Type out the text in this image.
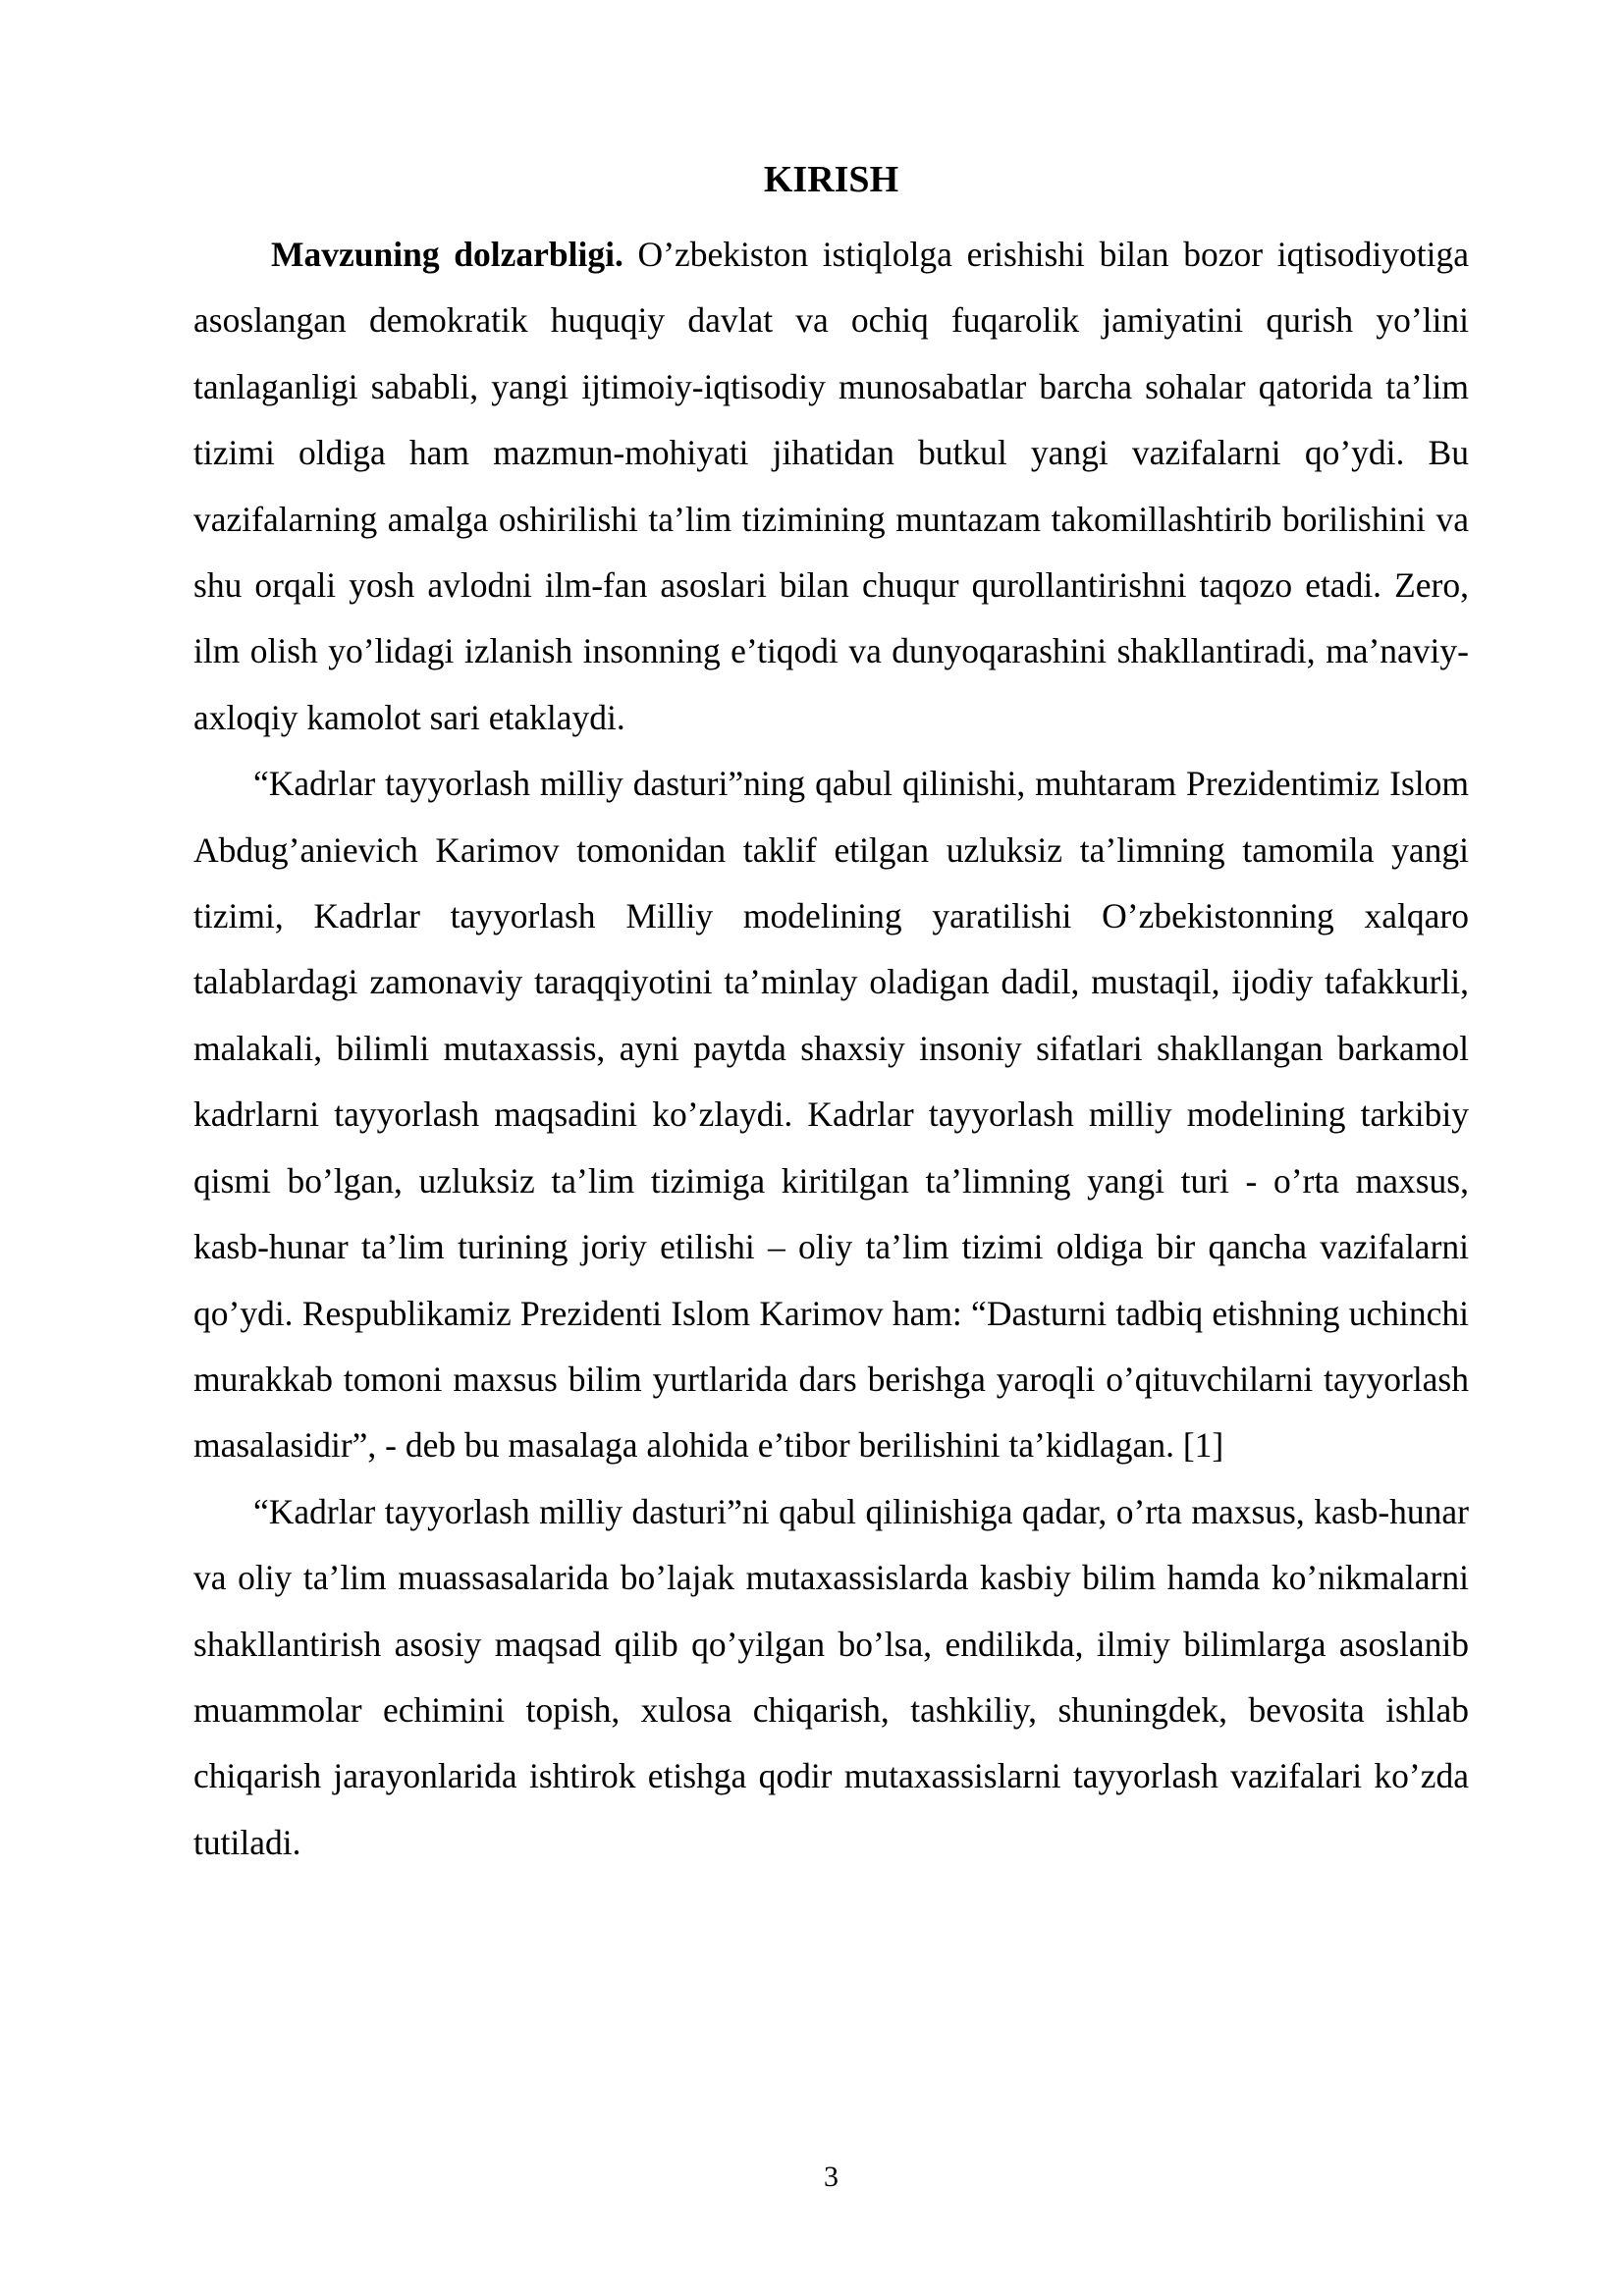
KIRISH

Mavzuning dolzarbligi. O’zbekiston istiqlolga erishishi bilan bozor iqtisodiyotiga asoslangan demokratik huquqiy davlat va ochiq fuqarolik jamiyatini qurish yo’lini tanlaganligi sababli, yangi ijtimoiy-iqtisodiy munosabatlar barcha sohalar qatorida ta’lim tizimi oldiga ham mazmun-mohiyati jihatidan butkul yangi vazifalarni qo’ydi. Bu vazifalarning amalga oshirilishi ta’lim tizimining muntazam takomillashtirib borilishini va shu orqali yosh avlodni ilm-fan asoslari bilan chuqur qurollantirishni taqozo etadi. Zero, ilm olish yo’lidagi izlanish insonning e’tiqodi va dunyoqarashini shakllantiradi, ma’naviy-axloqiy kamolot sari etaklaydi.

“Kadrlar tayyorlash milliy dasturi”ning qabul qilinishi, muhtaram Prezidentimiz Islom Abdug’anievich Karimov tomonidan taklif etilgan uzluksiz ta’limning tamomila yangi tizimi, Kadrlar tayyorlash Milliy modelining yaratilishi O’zbekistonning xalqaro talablardagi zamonaviy taraqqiyotini ta’minlay oladigan dadil, mustaqil, ijodiy tafakkurli, malakali, bilimli mutaxassis, ayni paytda shaxsiy insoniy sifatlari shakllangan barkamol kadrlarni tayyorlash maqsadini ko’zlaydi. Kadrlar tayyorlash milliy modelining tarkibiy qismi bo’lgan, uzluksiz ta’lim tizimiga kiritilgan ta’limning yangi turi - o’rta maxsus, kasb-hunar ta’lim turining joriy etilishi – oliy ta’lim tizimi oldiga bir qancha vazifalarni qo’ydi. Respublikamiz Prezidenti Islom Karimov ham: “Dasturni tadbiq etishning uchinchi murakkab tomoni maxsus bilim yurtlarida dars berishga yaroqli o’qituvchilarni tayyorlash masalasidir”, - deb bu masalaga alohida e’tibor berilishini ta’kidlagan. [1]

“Kadrlar tayyorlash milliy dasturi”ni qabul qilinishiga qadar, o’rta maxsus, kasb-hunar va oliy ta’lim muassasalarida bo’lajak mutaxassislarda kasbiy bilim hamda ko’nikmalarni shakllantirish asosiy maqsad qilib qo’yilgan bo’lsa, endilikda, ilmiy bilimlarga asoslanib muammolar echimini topish, xulosa chiqarish, tashkiliy, shuningdek, bevosita ishlab chiqarish jarayonlarida ishtirok etishga qodir mutaxassislarni tayyorlash vazifalari ko’zda tutiladi.

3
